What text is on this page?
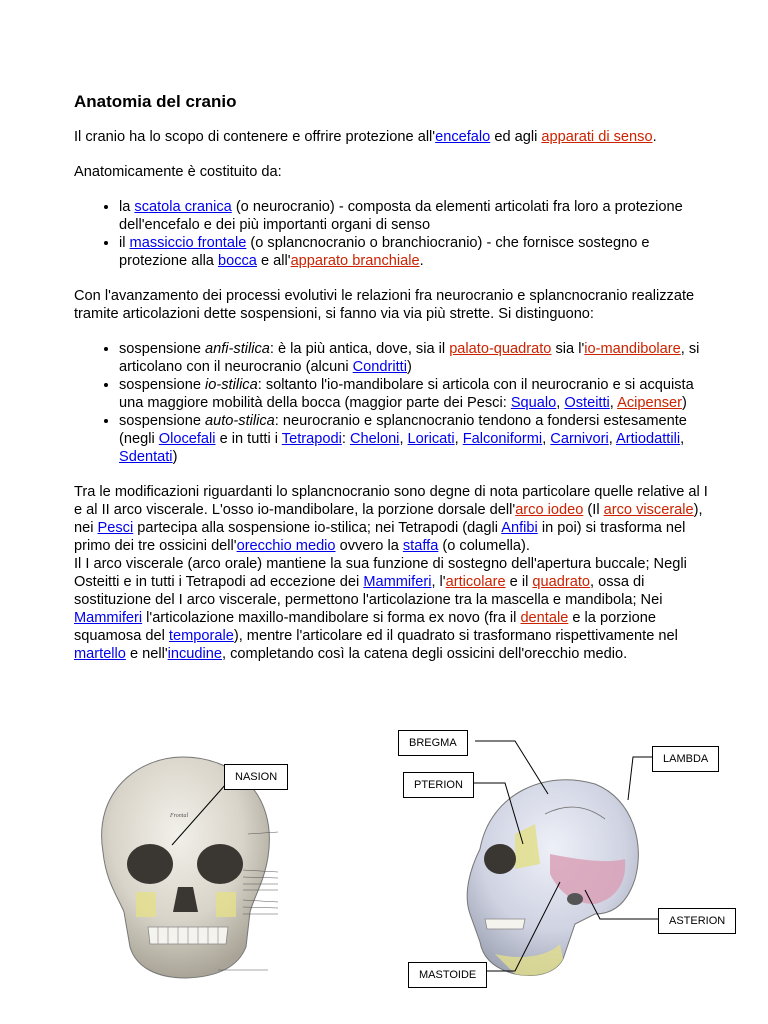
Anatomia del cranio

Il cranio ha lo scopo di contenere e offrire protezione all'encefalo ed agli apparati di senso.

Anatomicamente è costituito da:

• la scatola cranica (o neurocranio) - composta da elementi articolati fra loro a protezione dell'encefalo e dei più importanti organi di senso
• il massiccio frontale (o splancnocranio o branchiocranio) - che fornisce sostegno e protezione alla bocca e all'apparato branchiale.

Con l'avanzamento dei processi evolutivi le relazioni fra neurocranio e splancnocranio realizzate tramite articolazioni dette sospensioni, si fanno via via più strette. Si distinguono:

• sospensione anfi-stilica: è la più antica, dove, sia il palato-quadrato sia l'io-mandibolare, si articolano con il neurocranio (alcuni Condritti)
• sospensione io-stilica: soltanto l'io-mandibolare si articola con il neurocranio e si acquista una maggiore mobilità della bocca (maggior parte dei Pesci: Squalo, Osteitti, Acipenser)
• sospensione auto-stilica: neurocranio e splancnocranio tendono a fondersi estesamente (negli Olocefali e in tutti i Tetrapodi: Cheloni, Loricati, Falconiformi, Carnivori, Artiodattili, Sdentati)

Tra le modificazioni riguardanti lo splancnocranio sono degne di nota particolare quelle relative al I e al II arco viscerale. L'osso io-mandibolare, la porzione dorsale dell'arco iodeo (Il arco viscerale), nei Pesci partecipa alla sospensione io-stilica; nei Tetrapodi (dagli Anfibi in poi) si trasforma nel primo dei tre ossicini dell'orecchio medio ovvero la staffa (o columella).
Il I arco viscerale (arco orale) mantiene la sua funzione di sostegno dell'apertura buccale; Negli Osteitti e in tutti i Tetrapodi ad eccezione dei Mammiferi, l'articolare e il quadrato, ossa di sostituzione del I arco viscerale, permettono l'articolazione tra la mascella e mandibola; Nei Mammiferi l'articolazione maxillo-mandibolare si forma ex novo (fra il dentale e la porzione squamosa del temporale), mentre l'articolare ed il quadrato si trasformano rispettivamente nel martello e nell'incudine, completando così la catena degli ossicini dell'orecchio medio.

Frontal
NASION
BREGMA
PTERION
LAMBDA
ASTERION
MASTOIDE
